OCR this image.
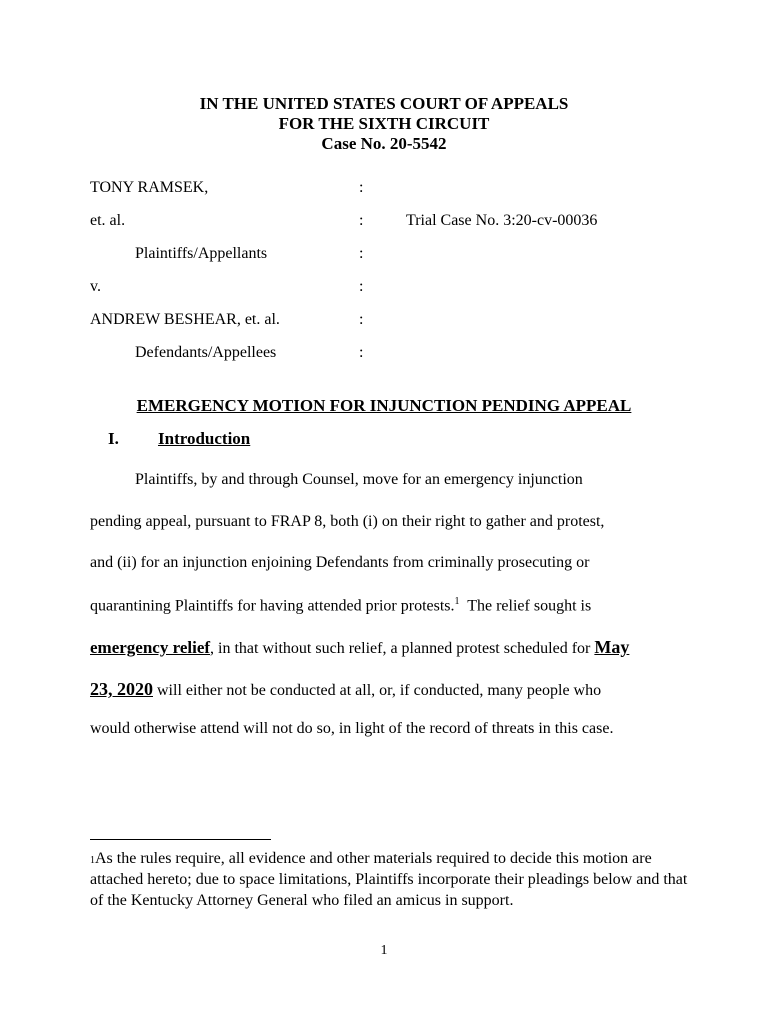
IN THE UNITED STATES COURT OF APPEALS
FOR THE SIXTH CIRCUIT
Case No. 20-5542
TONY RAMSEK,	:
et. al.	:	Trial Case No. 3:20-cv-00036
Plaintiffs/Appellants	:
v.	:
ANDREW BESHEAR, et. al.	:
Defendants/Appellees	:
EMERGENCY MOTION FOR INJUNCTION PENDING APPEAL
I. Introduction
Plaintiffs, by and through Counsel, move for an emergency injunction
pending appeal, pursuant to FRAP 8, both (i) on their right to gather and protest,
and (ii) for an injunction enjoining Defendants from criminally prosecuting or
quarantining Plaintiffs for having attended prior protests.$^1$  The relief sought is
emergency relief, in that without such relief, a planned protest scheduled for May
23, 2020 will either not be conducted at all, or, if conducted, many people who
would otherwise attend will not do so, in light of the record of threats in this case.
$^1$As the rules require, all evidence and other materials required to decide this motion are attached hereto; due to space limitations, Plaintiffs incorporate their pleadings below and that of the Kentucky Attorney General who filed an amicus in support.
1
